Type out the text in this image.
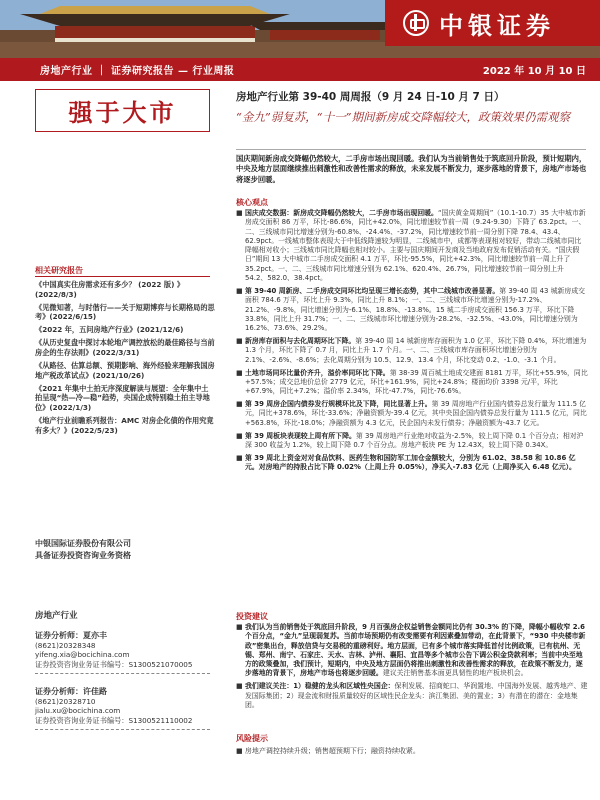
中银证券
房地产行业 ｜ 证券研究报告 — 行业周报	2022 年 10 月 10 日
强于大市
相关研究报告
《中国真实住房需求还有多少？ (2022 版) 》 (2022/8/3)
《见微知著，与时偕行——关于短期博弈与长期格局的思考》(2022/6/15)
《2022 年，五问房地产行业》(2021/12/6)
《从历史复盘中探讨本轮地产调控放松的最佳路径与当前房企的生存法则》(2022/3/31)
《从路径、估算总额、预期影响、海外经验来理解我国房地产税改革试点》(2021/10/26)
《2021 年集中土拍无序深度解读与展望：全年集中土拍呈现“热—冷—稳”趋势，央国企成特别稳土拍主导地位》(2022/1/3)
《地产行业前瞻系列报告：AMC 对房企化债的作用究竟有多大？》(2022/5/23)
中银国际证券股份有限公司
具备证券投资咨询业务资格
房地产行业
证券分析师：夏亦丰
(8621)20328348
yifeng.xia@bocichina.com
证券投资咨询业务证书编号：S1300521070005
证券分析师：许佳路
(8621)20328710
jialu.xu@bocichina.com
证券投资咨询业务证书编号：S1300521110002
房地产行业第 39-40 周周报（9 月 24 日-10 月 7 日）
“金九”弱复苏，“十一”期间新房成交降幅较大，政策效果仍需观察
国庆期间新房成交降幅仍然较大，二手房市场出现回暖。我们认为当前销售处于筑底回升阶段，预计短期内，中央及地方层面继续推出刺激性和改善性需求的释放，未来发展不断发力，逐步落地的背景下，房地产市场也将逐步回暖。
核心观点
■ 国庆成交数据：新房成交降幅仍然较大，二手房市场出现回暖。“国庆黄金周期间”（10.1-10.7）35 大中城市新房成交面积 86 万平，环比-86.6%，同比+42.0%，同比增速较节前一周（9.24-9.30）下降了 63.2pct。一、二、三线城市同比增速分别为-60.8%、-24.4%、-37.2%，同比增速较节前一周分别下降 78.4、43.4、62.9pct。一线城市整体表现大于中低线降速较为明显，二线城市中，成都等表现相对较好，带动二线城市同比降幅相对收小；三线城市同比降幅也相对较小。主要与国庆期间开发商及当地政府发布促销活动有关。“国庆假日”期间 13 大中城市二手房成交面积 4.1 万平，环比-95.5%，同比+42.3%，同比增速较节前一周上升了 35.2pct。一、二、三线城市同比增速分别为 62.1%、620.4%、26.7%，同比增速较节前一周分别上升 54.2、582.0、38.4pct。
■ 第 39-40 周新房、二手房成交同环比均呈现三增长态势，其中二线城市改善显著。第 39-40 周 43 城新房成交面积 784.6 万平，环比上升 9.3%，同比上升 8.1%；一、二、三线城市环比增速分别为-17.2%、21.2%、-9.8%，同比增速分别为-6.1%、18.8%、-13.8%。15 城二手房成交面积 156.3 万平，环比下降 33.8%，同比上升 31.7%；一、二、三线城市环比增速分别为-28.2%、-32.5%、-43.0%，同比增速分别为 16.2%、73.6%、29.2%。
■ 新房库存面积与去化周期环比下降。第 39-40 周 14 城新房库存面积为 1.0 亿平，环比下降 0.4%，环比增速为 1.3 个月，环比下降了 0.7 月，同比上升 1.7 个月。一、二、三线城市库存面积环比增速分别为 2.1%、-2.6%、-8.6%；去化周期分别为 10.5、12.9、13.4 个月，环比变动 0.2、-1.0、-3.1 个月。
■ 土地市场同环比量价齐升，溢价率同环比下降。第 38-39 周百城土地成交建面 8181 万平，环比+55.9%，同比+57.5%；成交总地价总价 2779 亿元，环比+161.9%，同比+24.8%；楼面均价 3398 元/平，环比+67.9%，同比+7.2%；溢价率 2.34%，环比-47.7%，同比-76.6%。
■ 第 39 周房企国内债券发行规模环比及下降，同比显著上升。第 39 周房地产行业国内债券总发行量为 111.5 亿元，同比+378.6%，环比-33.6%；净融资额为-39.4 亿元，其中央国企国内债券总发行量为 111.5 亿元，同比+563.8%，环比-18.0%；净融资额为 4.3 亿元，民企国内未发行债券；净融资额为-43.7 亿元。
■ 第 39 周板块表现较上周有所下降。第 39 周房地产行业绝对收益为-2.5%，较上周下降 0.1 个百分点；相对沪深 300 收益为 1.2%，较上周下降 0.7 个百分点。房地产板块 PE 为 12.43X，较上周下降 0.34X。
■ 第 39 周北上资金对对食品饮料、医药生物和国防军工加仓金额较大，分别为 61.02、38.58 和 10.86 亿元。对房地产的持股占比下降 0.02%（上周上升 0.05%），净买入-7.83 亿元（上周净买入 6.48 亿元）。
投资建议
■ 我们认为当前销售处于筑底回升阶段，9 月百强房企权益销售金额同比仍有 30.3% 的下降，降幅小幅收窄 2.6 个百分点，“金九”呈现弱复苏。当前市场预期仍有改变需要有利因素叠加带动，在此背景下，“930 中央楼市新政”密集出台，释放信贷与交易税的重磅利好。地方层面，已有多个城市落实降低首付比例政策，已有杭州、无锡、郑州、南宁、石家庄、天水、吉林、泸州、襄阳、宜昌等多个城市公告下调公积金贷款利率；当前中央至地方的政策叠加，我们预计，短期内，中央及地方层面仍将推出刺激性和改善性需求的释放，在政策不断发力，逐步落地的背景下，房地产市场也将逐步回暖。建议关注销售基本面更具韧性的地产板块机会。
■ 我们建议关注：1）稳健的龙头和区域性央国企：保利发展、招商蛇口、华润置地、中国海外发展、越秀地产、建发国际集团；2）现金流和财报质量较好的区域性民企龙头：滨江集团、美的置业；3）有潜在的潜在：金地集团。
风险提示
■ 房地产调控持续升级；销售超预期下行；融资持续收紧。
